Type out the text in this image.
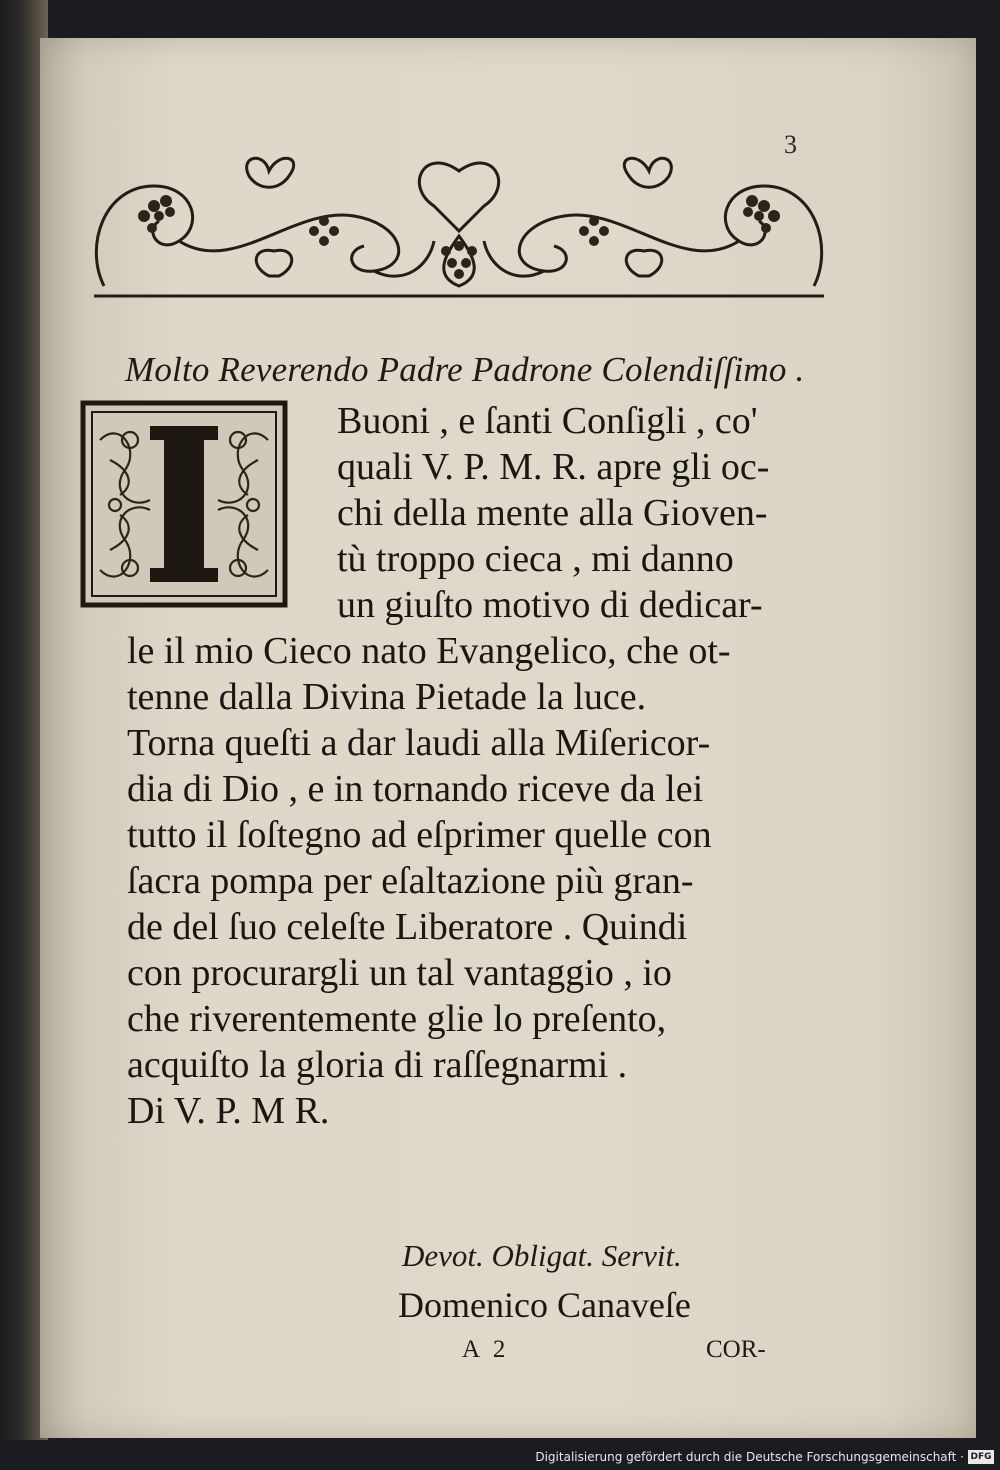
3
Molto Reverendo Padre Padrone Colendiſſimo .
Buoni , e ſanti Conſigli , co'
quali V. P. M. R. apre gli oc-
chi della mente alla Gioven-
tù troppo cieca , mi danno
un giuſto motivo di dedicar-
le il mio Cieco nato Evangelico, che ot-
tenne dalla Divina Pietade la luce.
Torna queſti a dar laudi alla Miſericor-
dia di Dio , e in tornando riceve da lei
tutto il ſoſtegno ad eſprimer quelle con
ſacra pompa per eſaltazione più gran-
de del ſuo celeſte Liberatore . Quindi
con procurargli un tal vantaggio , io
che riverentemente glie lo preſento,
acquiſto la gloria di raſſegnarmi .
Di V. P. M R.
Devot. Obligat. Servit.
Domenico Canaveſe
A 2	COR-
Digitalisierung gefördert durch die Deutsche Forschungsgemeinschaft · DFG
